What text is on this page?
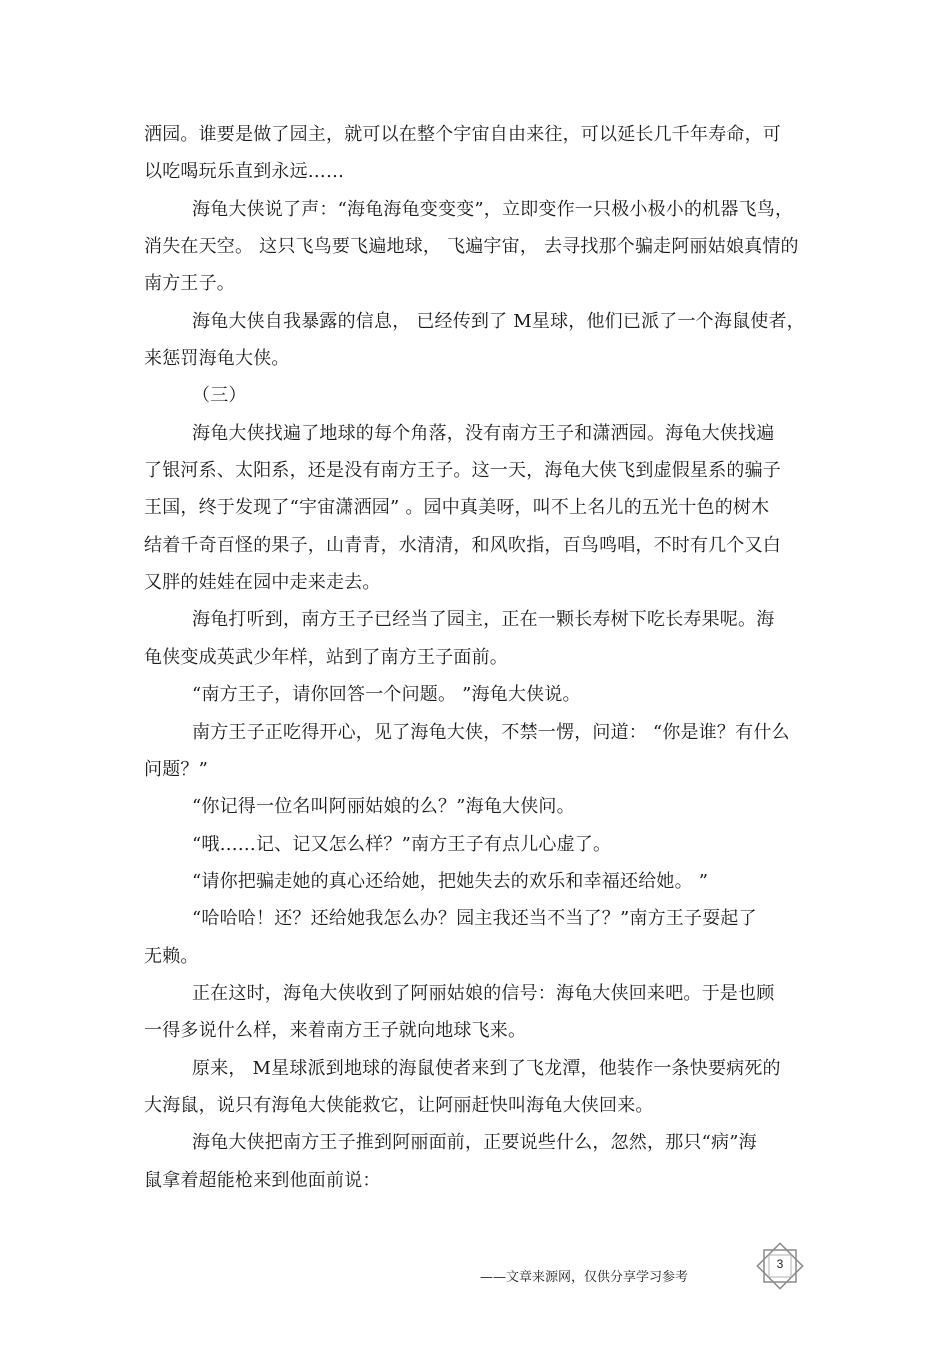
洒园。谁要是做了园主，就可以在整个宇宙自由来往，可以延长几千年寿命，可
以吃喝玩乐直到永远……
海龟大侠说了声：“海龟海龟变变变”，立即变作一只极小极小的机器飞鸟，
消失在天空。 这只飞鸟要飞遍地球， 飞遍宇宙， 去寻找那个骗走阿丽姑娘真情的
南方王子。
海龟大侠自我暴露的信息， 已经传到了 M星球，他们已派了一个海鼠使者，
来惩罚海龟大侠。
（三）
海龟大侠找遍了地球的每个角落，没有南方王子和潇洒园。海龟大侠找遍
了银河系、太阳系，还是没有南方王子。这一天，海龟大侠飞到虚假星系的骗子
王国，终于发现了“宇宙潇洒园” 。园中真美呀，叫不上名儿的五光十色的树木
结着千奇百怪的果子，山青青，水清清，和风吹指，百鸟鸣唱，不时有几个又白
又胖的娃娃在园中走来走去。
海龟打听到，南方王子已经当了园主，正在一颗长寿树下吃长寿果呢。海
龟侠变成英武少年样，站到了南方王子面前。
“南方王子，请你回答一个问题。 ”海龟大侠说。
南方王子正吃得开心，见了海龟大侠，不禁一愣，问道： “你是谁？有什么
问题？”
“你记得一位名叫阿丽姑娘的么？”海龟大侠问。
“哦……记、记又怎么样？”南方王子有点儿心虚了。
“请你把骗走她的真心还给她，把她失去的欢乐和幸福还给她。 ”
“哈哈哈！还？还给她我怎么办？园主我还当不当了？”南方王子耍起了
无赖。
正在这时，海龟大侠收到了阿丽姑娘的信号：海龟大侠回来吧。于是也顾
一得多说什么样，来着南方王子就向地球飞来。
原来， M星球派到地球的海鼠使者来到了飞龙潭，他装作一条快要病死的
大海鼠，说只有海龟大侠能救它，让阿丽赶快叫海龟大侠回来。
海龟大侠把南方王子推到阿丽面前，正要说些什么，忽然，那只“病”海
鼠拿着超能枪来到他面前说：
——文章来源网，仅供分享学习参考
3
